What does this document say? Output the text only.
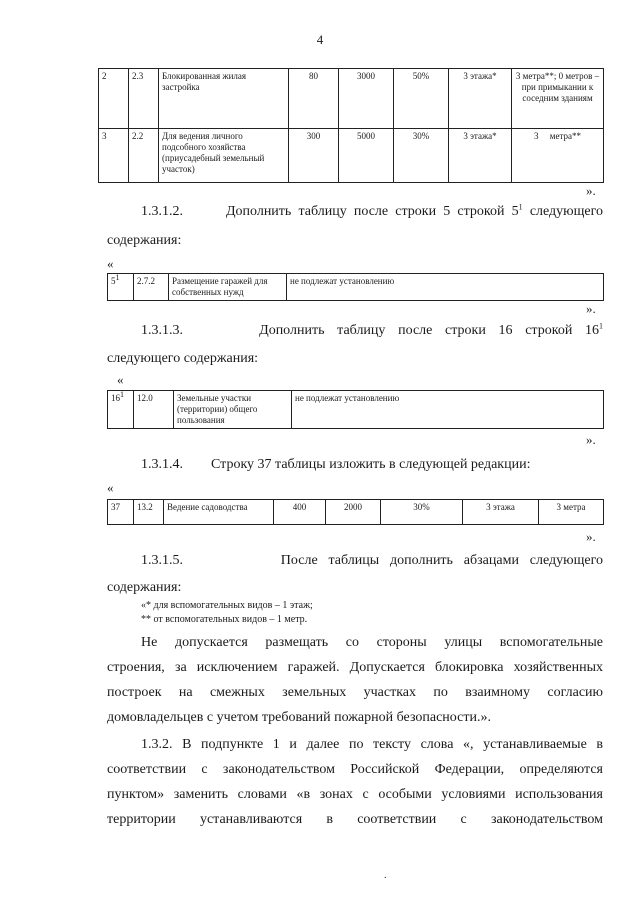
4
2	2.3	Блокированная жилая застройка	80	3000	50%	3 этажа*	3 метра**; 0 метров – при примыкании к соседним зданиям
3	2.2	Для ведения личного подсобного хозяйства (приусадебный земельный участок)	300	5000	30%	3 этажа*	3     метра**
».
1.3.1.2.	Дополнить таблицу после строки 5 строкой $5^1$ следующего
содержания:
«
$5^1$	2.7.2	Размещение гаражей для собственных нужд	не подлежат установлению
».
1.3.1.3.	Дополнить таблицу после строки 16 строкой $16^1$
следующего содержания:
«
$16^1$	12.0	Земельные участки (территории) общего пользования	не подлежат установлению
».
1.3.1.4. Строку 37 таблицы изложить в следующей редакции:
«
37	13.2	Ведение садоводства	400	2000	30%	3 этажа	3 метра
».
1.3.1.5.	После таблицы дополнить абзацами следующего
содержания:
«* для вспомогательных видов – 1 этаж;
** от вспомогательных видов – 1 метр.
Не допускается размещать со стороны улицы вспомогательные
строения, за исключением гаражей. Допускается блокировка хозяйственных
построек на смежных земельных участках по взаимному согласию
домовладельцев с учетом требований пожарной безопасности.».
1.3.2. В подпункте 1 и далее по тексту слова «, устанавливаемые в
соответствии с законодательством Российской Федерации, определяются
пунктом» заменить словами «в зонах с особыми условиями использования
территории устанавливаются в соответствии с законодательством
.
